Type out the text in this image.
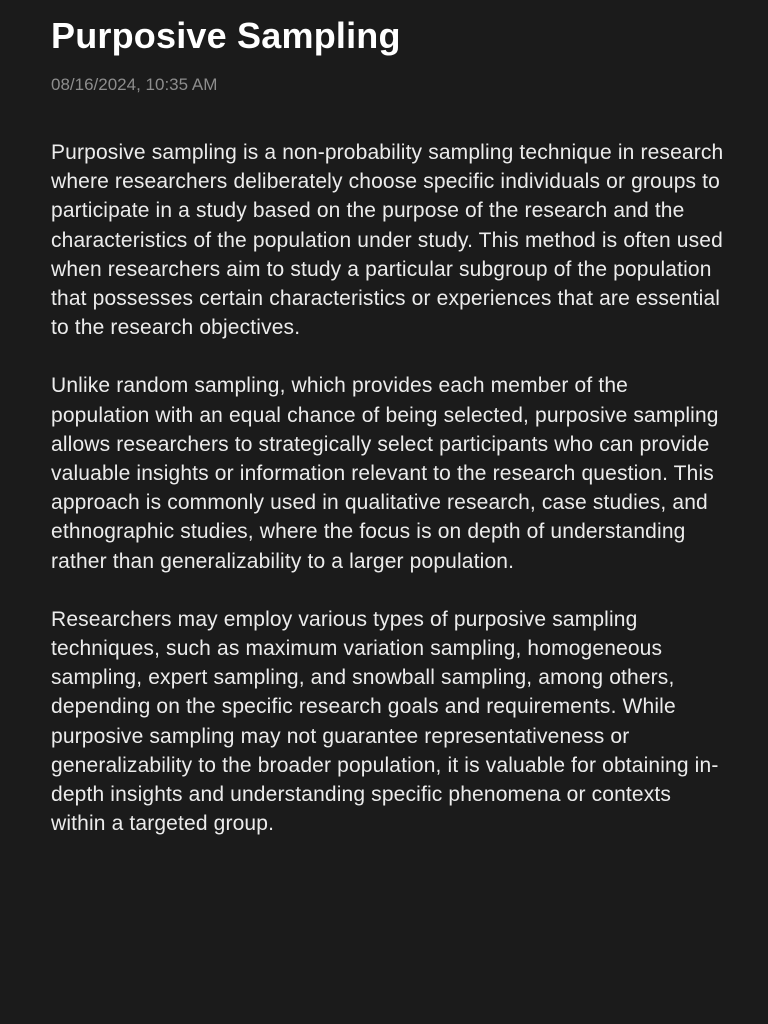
Purposive Sampling
08/16/2024, 10:35 AM

Purposive sampling is a non-probability sampling technique in research where researchers deliberately choose specific individuals or groups to participate in a study based on the purpose of the research and the characteristics of the population under study. This method is often used when researchers aim to study a particular subgroup of the population that possesses certain characteristics or experiences that are essential to the research objectives.

Unlike random sampling, which provides each member of the population with an equal chance of being selected, purposive sampling allows researchers to strategically select participants who can provide valuable insights or information relevant to the research question. This approach is commonly used in qualitative research, case studies, and ethnographic studies, where the focus is on depth of understanding rather than generalizability to a larger population.

Researchers may employ various types of purposive sampling techniques, such as maximum variation sampling, homogeneous sampling, expert sampling, and snowball sampling, among others, depending on the specific research goals and requirements. While purposive sampling may not guarantee representativeness or generalizability to the broader population, it is valuable for obtaining in-depth insights and understanding specific phenomena or contexts within a targeted group.
